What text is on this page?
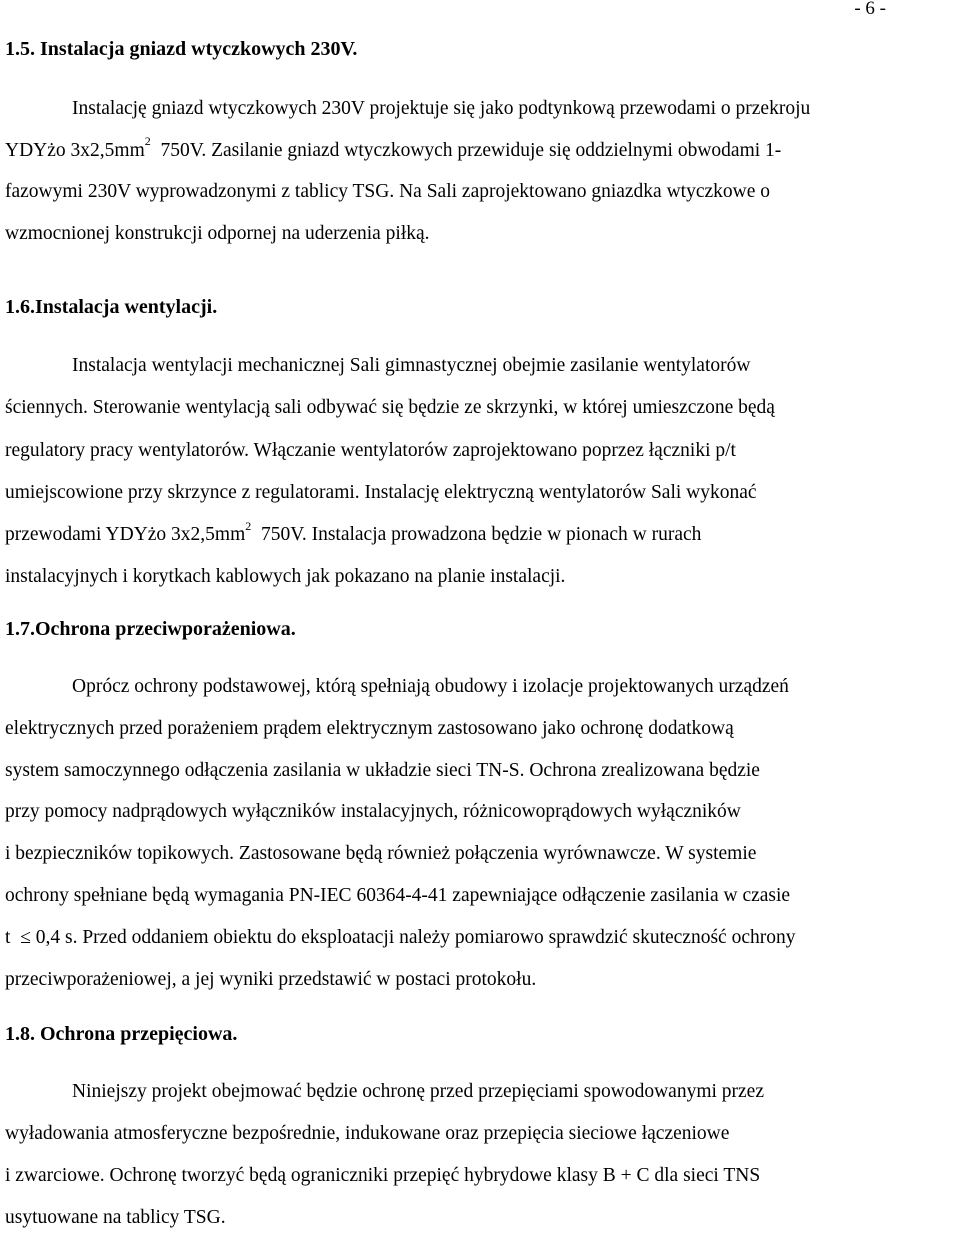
- 6 -
1.5. Instalacja gniazd wtyczkowych 230V.
Instalację gniazd wtyczkowych 230V projektuje się jako podtynkową przewodami o przekroju
YDYżo $3x2,5mm^2$  750V. Zasilanie gniazd wtyczkowych przewiduje się oddzielnymi obwodami 1-
fazowymi 230V wyprowadzonymi z tablicy TSG. Na Sali zaprojektowano gniazdka wtyczkowe o
wzmocnionej konstrukcji odpornej na uderzenia piłką.
1.6.Instalacja wentylacji.
Instalacja wentylacji mechanicznej Sali gimnastycznej obejmie zasilanie wentylatorów
ściennych. Sterowanie wentylacją sali odbywać się będzie ze skrzynki, w której umieszczone będą
regulatory pracy wentylatorów. Włączanie wentylatorów zaprojektowano poprzez łączniki p/t
umiejscowione przy skrzynce z regulatorami. Instalację elektryczną wentylatorów Sali wykonać
przewodami YDYżo $3x2,5mm^2$  750V. Instalacja prowadzona będzie w pionach w rurach
instalacyjnych i korytkach kablowych jak pokazano na planie instalacji.
1.7.Ochrona przeciwporażeniowa.
Oprócz ochrony podstawowej, którą spełniają obudowy i izolacje projektowanych urządzeń
elektrycznych przed porażeniem prądem elektrycznym zastosowano jako ochronę dodatkową
system samoczynnego odłączenia zasilania w układzie sieci TN-S. Ochrona zrealizowana będzie
przy pomocy nadprądowych wyłączników instalacyjnych, różnicowoprądowych wyłączników
i bezpieczników topikowych. Zastosowane będą również połączenia wyrównawcze. W systemie
ochrony spełniane będą wymagania PN-IEC 60364-4-41 zapewniające odłączenie zasilania w czasie
t  ≤ 0,4 s. Przed oddaniem obiektu do eksploatacji należy pomiarowo sprawdzić skuteczność ochrony
przeciwporażeniowej, a jej wyniki przedstawić w postaci protokołu.
1.8. Ochrona przepięciowa.
Niniejszy projekt obejmować będzie ochronę przed przepięciami spowodowanymi przez
wyładowania atmosferyczne bezpośrednie, indukowane oraz przepięcia sieciowe łączeniowe
i zwarciowe. Ochronę tworzyć będą ograniczniki przepięć hybrydowe klasy B + C dla sieci TNS
usytuowane na tablicy TSG.
